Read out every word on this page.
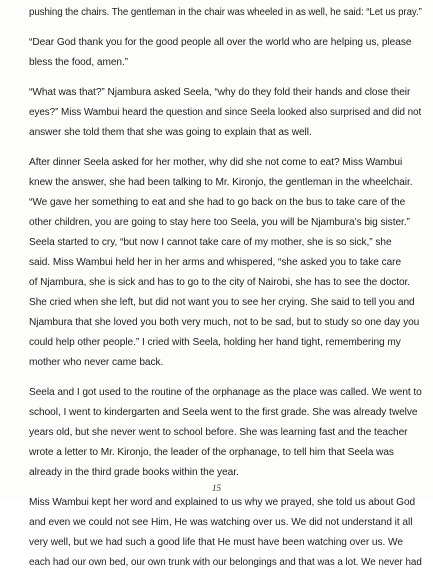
pushing the chairs. The gentleman in the chair was wheeled in as well, he said: “Let us pray.”

“Dear God thank you for the good people all over the world who are helping us, please
bless the food, amen.”

“What was that?” Njambura asked Seela, “why do they fold their hands and close their
eyes?” Miss Wambui heard the question and since Seela looked also surprised and did not
answer she told them that she was going to explain that as well.

After dinner Seela asked for her mother, why did she not come to eat? Miss Wambui
knew the answer, she had been talking to Mr. Kironjo, the gentleman in the wheelchair.
“We gave her something to eat and she had to go back on the bus to take care of the
other children, you are going to stay here too Seela, you will be Njambura’s big sister.”
Seela started to cry, “but now I cannot take care of my mother, she is so sick,” she
said. Miss Wambui held her in her arms and whispered, “she asked you to take care
of Njambura, she is sick and has to go to the city of Nairobi, she has to see the doctor.
She cried when she left, but did not want you to see her crying. She said to tell you and
Njambura that she loved you both very much, not to be sad, but to study so one day you
could help other people.” I cried with Seela, holding her hand tight, remembering my
mother who never came back.

Seela and I got used to the routine of the orphanage as the place was called. We went to
school, I went to kindergarten and Seela went to the first grade. She was already twelve
years old, but she never went to school before. She was learning fast and the teacher
wrote a letter to Mr. Kironjo, the leader of the orphanage, to tell him that Seela was
already in the third grade books within the year.

Miss Wambui kept her word and explained to us why we prayed, she told us about God
and even we could not see Him, He was watching over us. We did not understand it all
very well, but we had such a good life that He must have been watching over us. We
each had our own bed, our own trunk with our belongings and that was a lot. We never had

15
